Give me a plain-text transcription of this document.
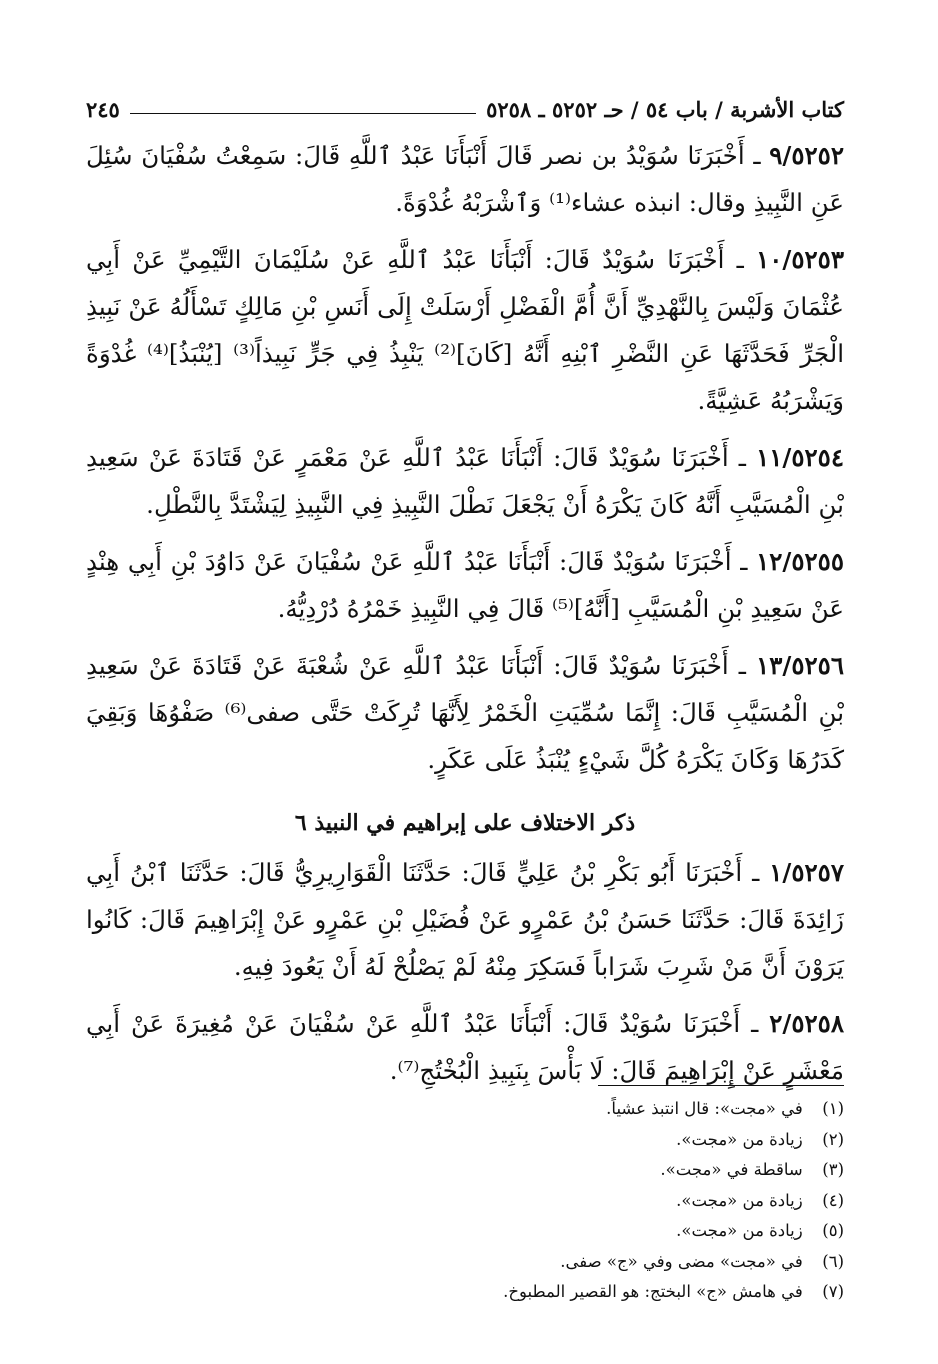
كتاب الأشربة / باب ٥٤ / حـ ٥٢٥٢ ـ ٥٢٥٨
٢٤٥

٩/٥٢٥٢ ـ أَخْبَرَنَا سُوَيْدُ بن نصر قَالَ أَنْبَأَنَا عَبْدُ ٱللَّهِ قَالَ: سَمِعْتُ سُفْيَانَ سُئِلَ عَنِ النَّبِيذِ وقال: انبذه عشاء⁽¹⁾ وَٱشْرَبْهُ غُدْوَةً.

١٠/٥٢٥٣ ـ أَخْبَرَنَا سُوَيْدٌ قَالَ: أَنْبَأَنَا عَبْدُ ٱللَّهِ عَنْ سُلَيْمَانَ التَّيْمِيِّ عَنْ أَبِي عُثْمَانَ وَلَيْسَ بِالنَّهْدِيِّ أَنَّ أُمَّ الْفَضْلِ أَرْسَلَتْ إِلَى أَنَسِ بْنِ مَالِكٍ تَسْأَلُهُ عَنْ نَبِيذِ الْجَرِّ فَحَدَّثَهَا عَنِ النَّضْرِ ٱبْنِهِ أَنَّهُ [كَانَ]⁽²⁾ يَنْبِذُ فِي جَرٍّ نَبِيذاً⁽³⁾ [يُنْبَذُ]⁽⁴⁾ غُدْوَةً وَيَشْرَبُهُ عَشِيَّةً.

١١/٥٢٥٤ ـ أَخْبَرَنَا سُوَيْدٌ قَالَ: أَنْبَأَنَا عَبْدُ ٱللَّهِ عَنْ مَعْمَرٍ عَنْ قَتَادَةَ عَنْ سَعِيدِ بْنِ الْمُسَيَّبِ أَنَّهُ كَانَ يَكْرَهُ أَنْ يَجْعَلَ نَطْلَ النَّبِيذِ فِي النَّبِيذِ لِيَشْتَدَّ بِالنَّطْلِ.

١٢/٥٢٥٥ ـ أَخْبَرَنَا سُوَيْدٌ قَالَ: أَنْبَأَنَا عَبْدُ ٱللَّهِ عَنْ سُفْيَانَ عَنْ دَاوُدَ بْنِ أَبِي هِنْدٍ عَنْ سَعِيدِ بْنِ الْمُسَيَّبِ [أَنَّهُ]⁽⁵⁾ قَالَ فِي النَّبِيذِ خَمْرُهُ دُرْدِيُّهُ.

١٣/٥٢٥٦ ـ أَخْبَرَنَا سُوَيْدٌ قَالَ: أَنْبَأَنَا عَبْدُ ٱللَّهِ عَنْ شُعْبَةَ عَنْ قَتَادَةَ عَنْ سَعِيدِ بْنِ الْمُسَيَّبِ قَالَ: إِنَّمَا سُمِّيَتِ الْخَمْرُ لِأَنَّهَا تُرِكَتْ حَتَّى صفى⁽⁶⁾ صَفْوُهَا وَبَقِيَ كَدَرُهَا وَكَانَ يَكْرَهُ كُلَّ شَيْءٍ يُنْبَذُ عَلَى عَكَرٍ.

ذكر الاختلاف على إبراهيم في النبيذ ٦

١/٥٢٥٧ ـ أَخْبَرَنَا أَبُو بَكْرِ بْنُ عَلِيٍّ قَالَ: حَدَّثَنَا الْقَوَارِيرِيُّ قَالَ: حَدَّثَنَا ٱبْنُ أَبِي زَائِدَةَ قَالَ: حَدَّثَنَا حَسَنُ بْنُ عَمْرٍو عَنْ فُضَيْلِ بْنِ عَمْرٍو عَنْ إِبْرَاهِيمَ قَالَ: كَانُوا يَرَوْنَ أَنَّ مَنْ شَرِبَ شَرَاباً فَسَكِرَ مِنْهُ لَمْ يَصْلُحْ لَهُ أَنْ يَعُودَ فِيهِ.

٢/٥٢٥٨ ـ أَخْبَرَنَا سُوَيْدٌ قَالَ: أَنْبَأَنَا عَبْدُ ٱللَّهِ عَنْ سُفْيَانَ عَنْ مُغِيرَةَ عَنْ أَبِي مَعْشَرٍ عَنْ إِبْرَاهِيمَ قَالَ: لَا بَأْسَ بِنَبِيذِ الْبُخْتُجِ⁽⁷⁾.

(١) في «مجت»: قال انتبذ عشياً.
(٢) زيادة من «مجت».
(٣) ساقطة في «مجت».
(٤) زيادة من «مجت».
(٥) زيادة من «مجت».
(٦) في «مجت» مضى وفي «ج» صفى.
(٧) في هامش «ج» البختج: هو القصير المطبوخ.
